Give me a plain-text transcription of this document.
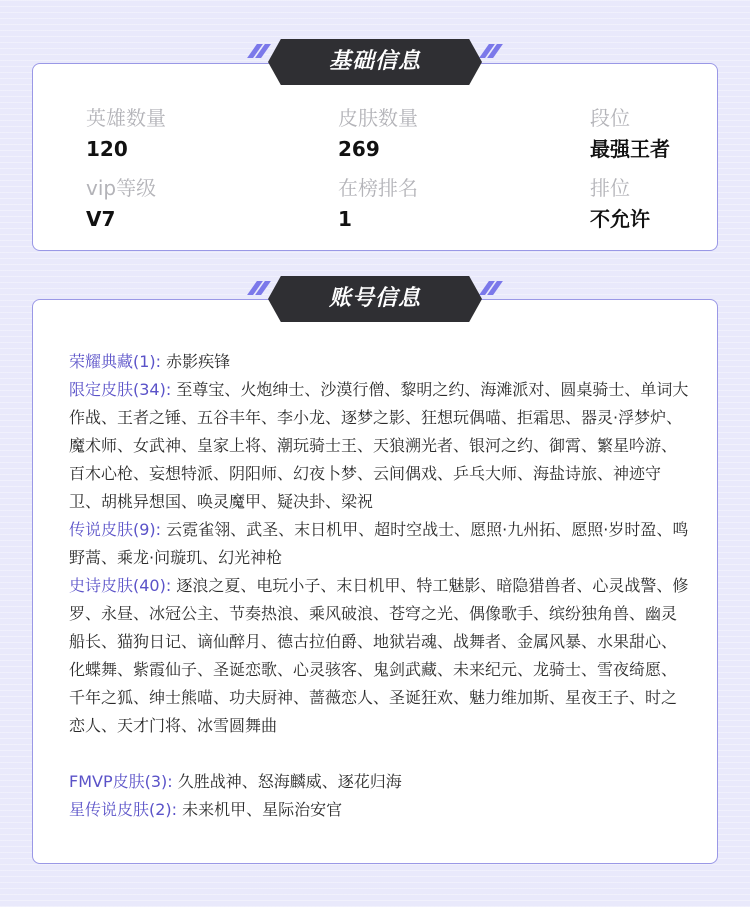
英雄数量
120
皮肤数量
269
段位
最强王者
vip等级
V7
在榜排名
1
排位
不允许
基础信息

荣耀典藏(1): 赤影疾锋

限定皮肤(34): 至尊宝、火炮绅士、沙漠行僧、黎明之约、海滩派对、圆桌骑士、单词大作战、王者之锤、五谷丰年、李小龙、逐梦之影、狂想玩偶喵、拒霜思、器灵·浮梦炉、魔术师、女武神、皇家上将、潮玩骑士王、天狼溯光者、银河之约、御霄、繁星吟游、百木心枪、妄想特派、阴阳师、幻夜卜梦、云间偶戏、乒乓大师、海盐诗旅、神迹守卫、胡桃异想国、唤灵魔甲、疑决卦、梁祝

传说皮肤(9): 云霓雀翎、武圣、末日机甲、超时空战士、愿照·九州拓、愿照·岁时盈、鸣野蒿、乘龙·问璇玑、幻光神枪

史诗皮肤(40): 逐浪之夏、电玩小子、末日机甲、特工魅影、暗隐猎兽者、心灵战警、修罗、永昼、冰冠公主、节奏热浪、乘风破浪、苍穹之光、偶像歌手、缤纷独角兽、幽灵船长、猫狗日记、谪仙醉月、德古拉伯爵、地狱岩魂、战舞者、金属风暴、水果甜心、化蝶舞、紫霞仙子、圣诞恋歌、心灵骇客、鬼剑武藏、未来纪元、龙骑士、雪夜绮愿、千年之狐、绅士熊喵、功夫厨神、蔷薇恋人、圣诞狂欢、魅力维加斯、星夜王子、时之恋人、天才门将、冰雪圆舞曲

FMVP皮肤(3): 久胜战神、怒海麟威、逐花归海

星传说皮肤(2): 未来机甲、星际治安官

账号信息
